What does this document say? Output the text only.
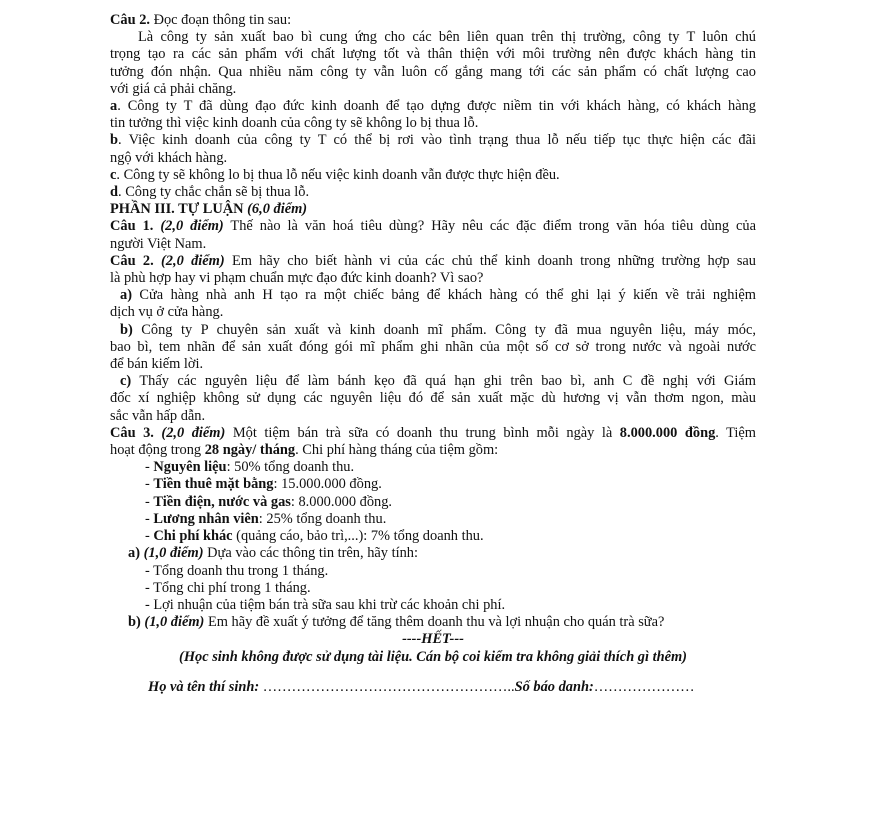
Câu 2. Đọc đoạn thông tin sau:

Là công ty sản xuất bao bì cung ứng cho các bên liên quan trên thị trường, công ty T luôn chú

trọng tạo ra các sản phẩm với chất lượng tốt và thân thiện với môi trường nên được khách hàng tin

tưởng đón nhận. Qua nhiều năm công ty vẫn luôn cố gắng mang tới các sản phẩm có chất lượng cao

với giá cả phải chăng.

a. Công ty T đã dùng đạo đức kinh doanh để tạo dựng được niềm tin với khách hàng, có khách hàng

tin tưởng thì việc kinh doanh của công ty sẽ không lo bị thua lỗ.

b. Việc kinh doanh của công ty T có thể bị rơi vào tình trạng thua lỗ nếu tiếp tục thực hiện các đãi

ngộ với khách hàng.

c. Công ty sẽ không lo bị thua lỗ nếu việc kinh doanh vẫn được thực hiện đều.

d. Công ty chắc chắn sẽ bị thua lỗ.

PHẦN III. TỰ LUẬN (6,0 điểm)

Câu 1. (2,0 điểm) Thế nào là văn hoá tiêu dùng? Hãy nêu các đặc điểm trong văn hóa tiêu dùng của

người Việt Nam.

Câu 2. (2,0 điểm) Em hãy cho biết hành vi của các chủ thể kinh doanh trong những trường hợp sau

là phù hợp hay vi phạm chuẩn mực đạo đức kinh doanh? Vì sao?

a) Cửa hàng nhà anh H tạo ra một chiếc bảng để khách hàng có thể ghi lại ý kiến về trải nghiệm

dịch vụ ở cửa hàng.

b) Công ty P chuyên sản xuất và kinh doanh mĩ phẩm. Công ty đã mua nguyên liệu, máy móc,

bao bì, tem nhãn để sản xuất đóng gói mĩ phẩm ghi nhãn của một số cơ sở trong nước và ngoài nước

để bán kiếm lời.

c) Thấy các nguyên liệu để làm bánh kẹo đã quá hạn ghi trên bao bì, anh C đề nghị với Giám

đốc xí nghiệp không sử dụng các nguyên liệu đó để sản xuất mặc dù hương vị vẫn thơm ngon, màu

sắc vẫn hấp dẫn.

Câu 3. (2,0 điểm) Một tiệm bán trà sữa có doanh thu trung bình mỗi ngày là 8.000.000 đồng. Tiệm

hoạt động trong 28 ngày/ tháng. Chi phí hàng tháng của tiệm gồm:

- Nguyên liệu: 50% tổng doanh thu.

- Tiền thuê mặt bằng: 15.000.000 đồng.

- Tiền điện, nước và gas: 8.000.000 đồng.

- Lương nhân viên: 25% tổng doanh thu.

- Chi phí khác (quảng cáo, bảo trì,...): 7% tổng doanh thu.

a) (1,0 điểm) Dựa vào các thông tin trên, hãy tính:

- Tổng doanh thu trong 1 tháng.

- Tổng chi phí trong 1 tháng.

- Lợi nhuận của tiệm bán trà sữa sau khi trừ các khoản chi phí.

b) (1,0 điểm) Em hãy đề xuất ý tưởng để tăng thêm doanh thu và lợi nhuận cho quán trà sữa?

----HẾT---

(Học sinh không được sử dụng tài liệu. Cán bộ coi kiểm tra không giải thích gì thêm)

Họ và tên thí sinh: ……………………………………………..Số báo danh:…………………
